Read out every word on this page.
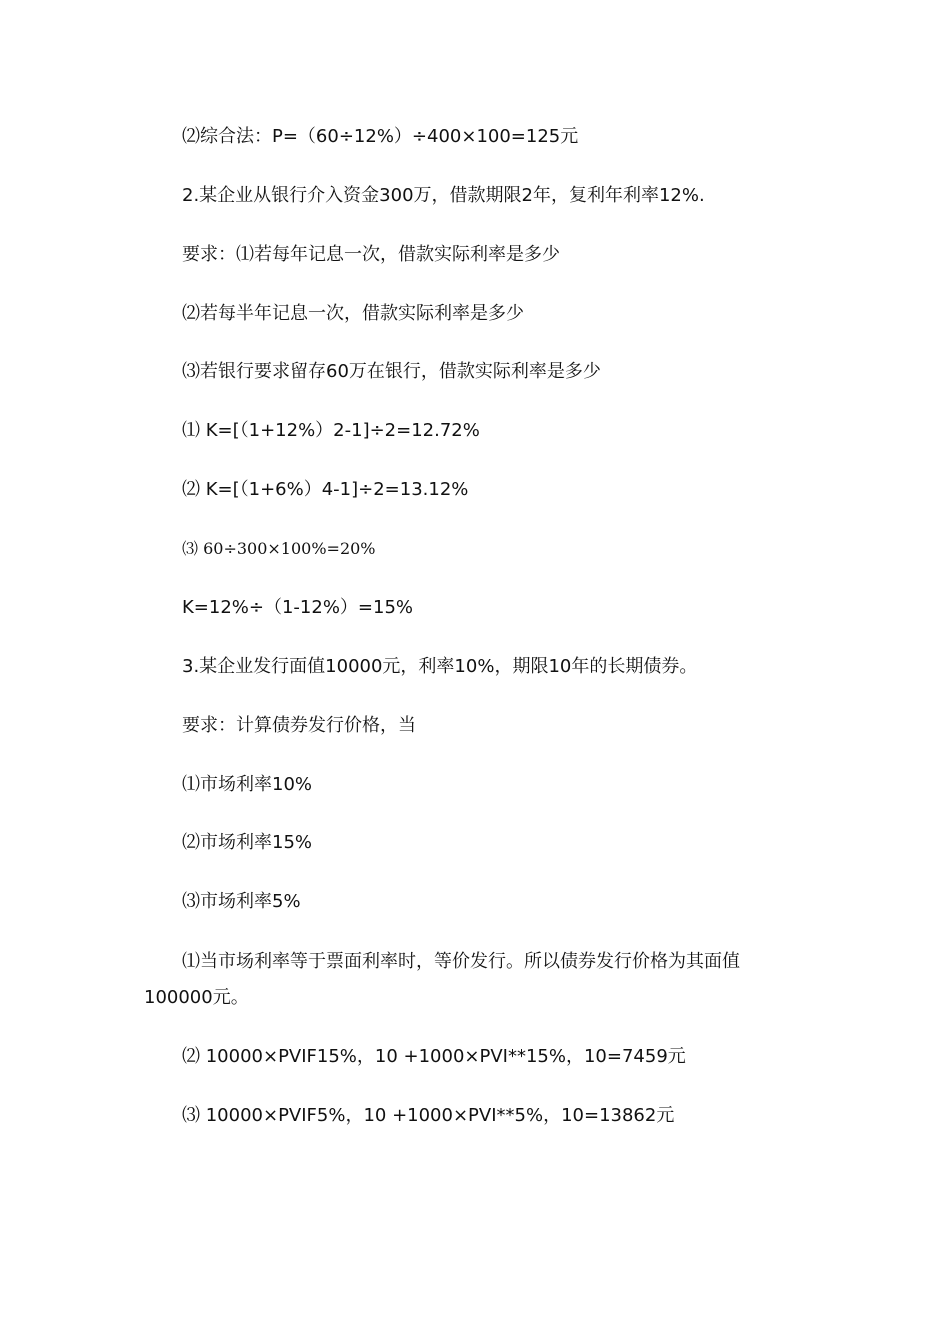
⑵综合法：P=（60÷12%）÷400×100=125元
2.某企业从银行介入资金300万，借款期限2年，复利年利率12%.
要求：⑴若每年记息一次，借款实际利率是多少
⑵若每半年记息一次，借款实际利率是多少
⑶若银行要求留存60万在银行，借款实际利率是多少
⑴ K=[（1+12%）2-1]÷2=12.72%
⑵ K=[（1+6%）4-1]÷2=13.12%
⑶ 60÷300×100%=20%
K=12%÷（1-12%）=15%
3.某企业发行面值10000元，利率10%，期限10年的长期债券。
要求：计算债券发行价格，当
⑴市场利率10%
⑵市场利率15%
⑶市场利率5%
⑴当市场利率等于票面利率时，等价发行。所以债券发行价格为其面值100000元。
⑵ 10000×PVIF15%，10 +1000×PVI**15%，10=7459元
⑶ 10000×PVIF5%，10 +1000×PVI**5%，10=13862元
